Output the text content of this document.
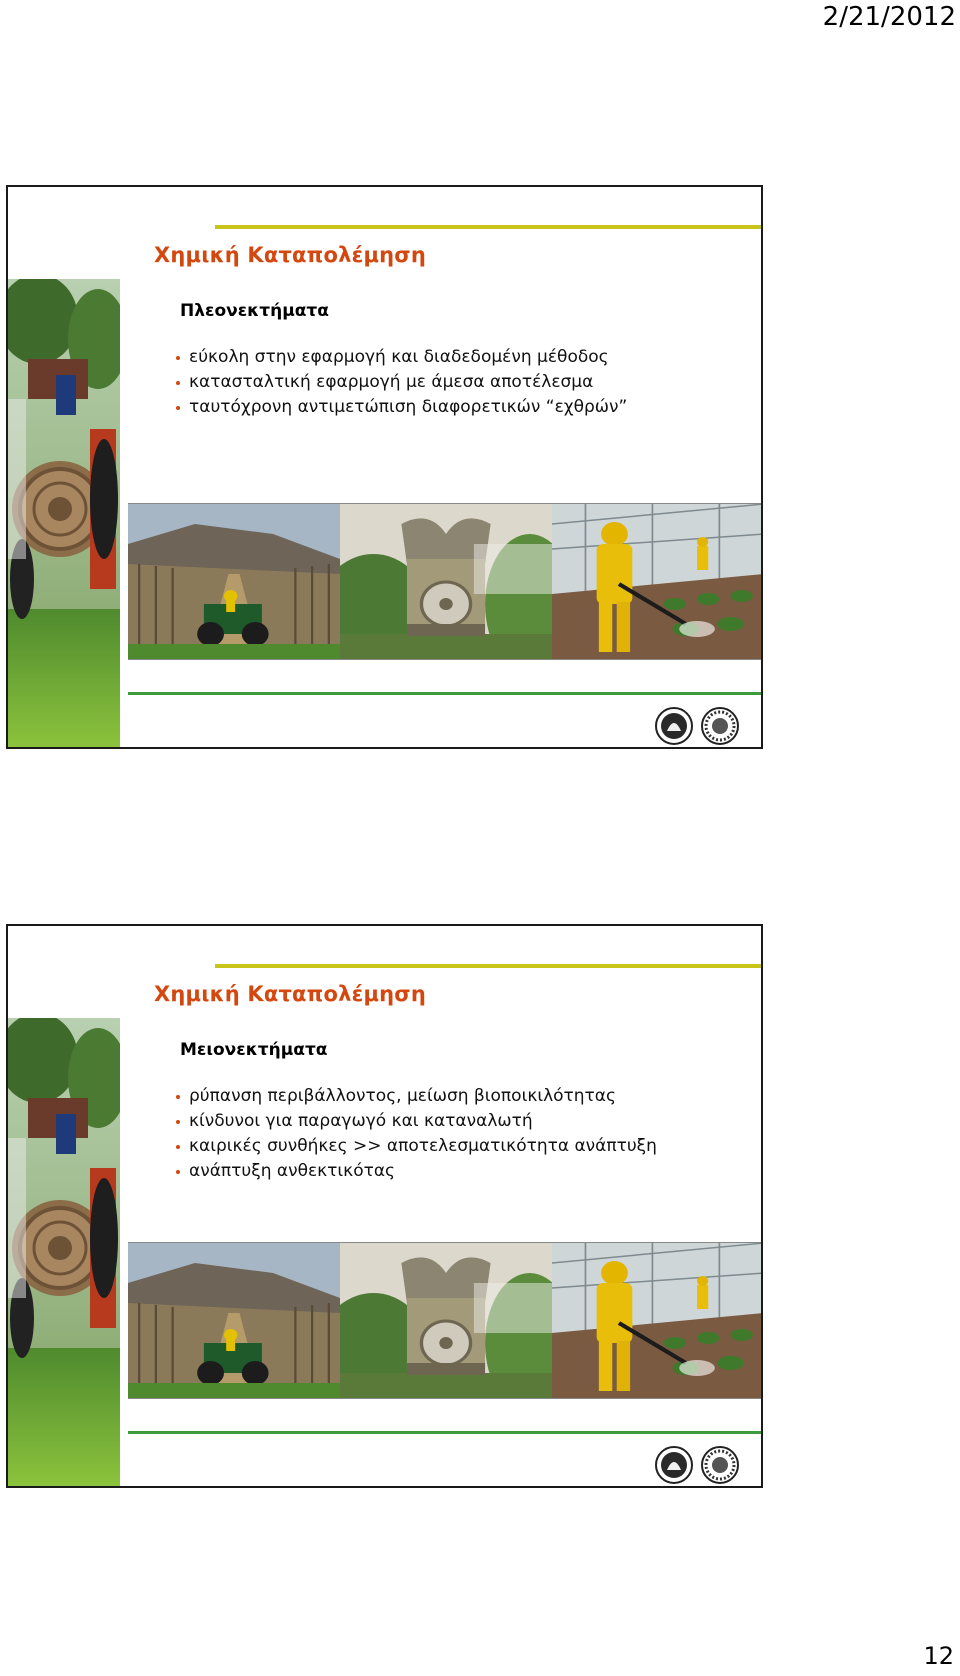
2/21/2012
Χημική Καταπολέμηση
Πλεονεκτήματα
εύκολη στην εφαρμογή και διαδεδομένη μέθοδος
κατασταλτική εφαρμογή με άμεσα αποτέλεσμα
ταυτόχρονη αντιμετώπιση διαφορετικών “εχθρών”
Χημική Καταπολέμηση
Μειονεκτήματα
ρύπανση περιβάλλοντος, μείωση βιοποικιλότητας
κίνδυνοι για παραγωγό και καταναλωτή
καιρικές συνθήκες >> αποτελεσματικότητα ανάπτυξη
ανάπτυξη ανθεκτικότας
12
